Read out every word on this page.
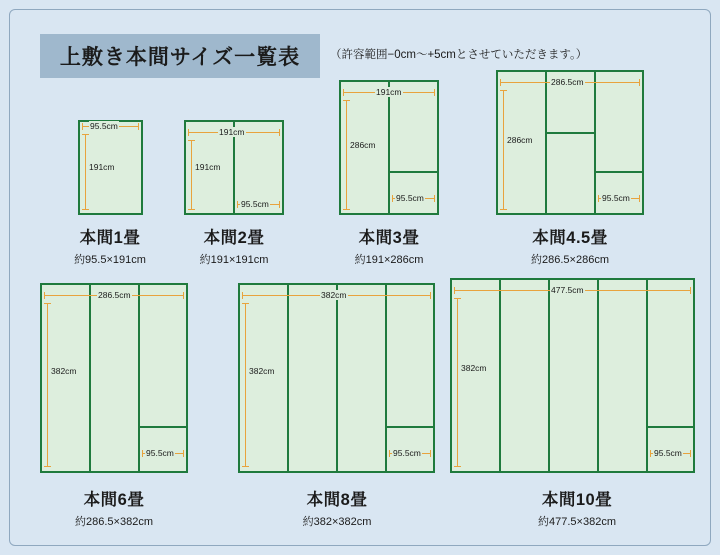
上敷き本間サイズ一覧表	（許容範囲−0cm〜+5cmとさせていただきます。）
95.5cm
191cm
本間1畳
約95.5×191cm
191cm
191cm
95.5cm
本間2畳
約191×191cm
191cm
286cm
95.5cm
本間3畳
約191×286cm
286.5cm
286cm
95.5cm
本間4.5畳
約286.5×286cm
286.5cm
382cm
95.5cm
本間6畳
約286.5×382cm
382cm
382cm
95.5cm
本間8畳
約382×382cm
477.5cm
382cm
95.5cm
本間10畳
約477.5×382cm
